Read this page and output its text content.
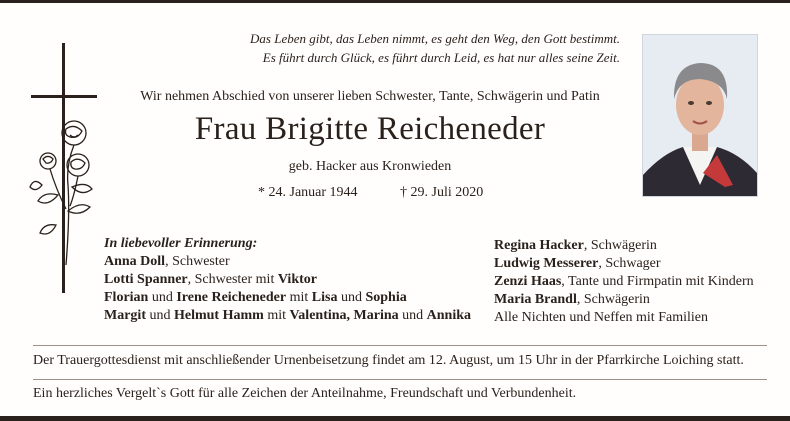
Das Leben gibt, das Leben nimmt, es geht den Weg, den Gott bestimmt.
Es führt durch Glück, es führt durch Leid, es hat nur alles seine Zeit.
Wir nehmen Abschied von unserer lieben Schwester, Tante, Schwägerin und Patin
Frau Brigitte Reicheneder
geb. Hacker aus Kronwieden
* 24. Januar 1944	† 29. Juli 2020
In liebevoller Erinnerung:
Anna Doll, Schwester
Lotti Spanner, Schwester mit Viktor
Florian und Irene Reicheneder mit Lisa und Sophia
Margit und Helmut Hamm mit Valentina, Marina und Annika
Regina Hacker, Schwägerin
Ludwig Messerer, Schwager
Zenzi Haas, Tante und Firmpatin mit Kindern
Maria Brandl, Schwägerin
Alle Nichten und Neffen mit Familien
Der Trauergottesdienst mit anschließender Urnenbeisetzung findet am 12. August, um 15 Uhr in der Pfarrkirche Loiching statt.
Ein herzliches Vergelt`s Gott für alle Zeichen der Anteilnahme, Freundschaft und Verbundenheit.
